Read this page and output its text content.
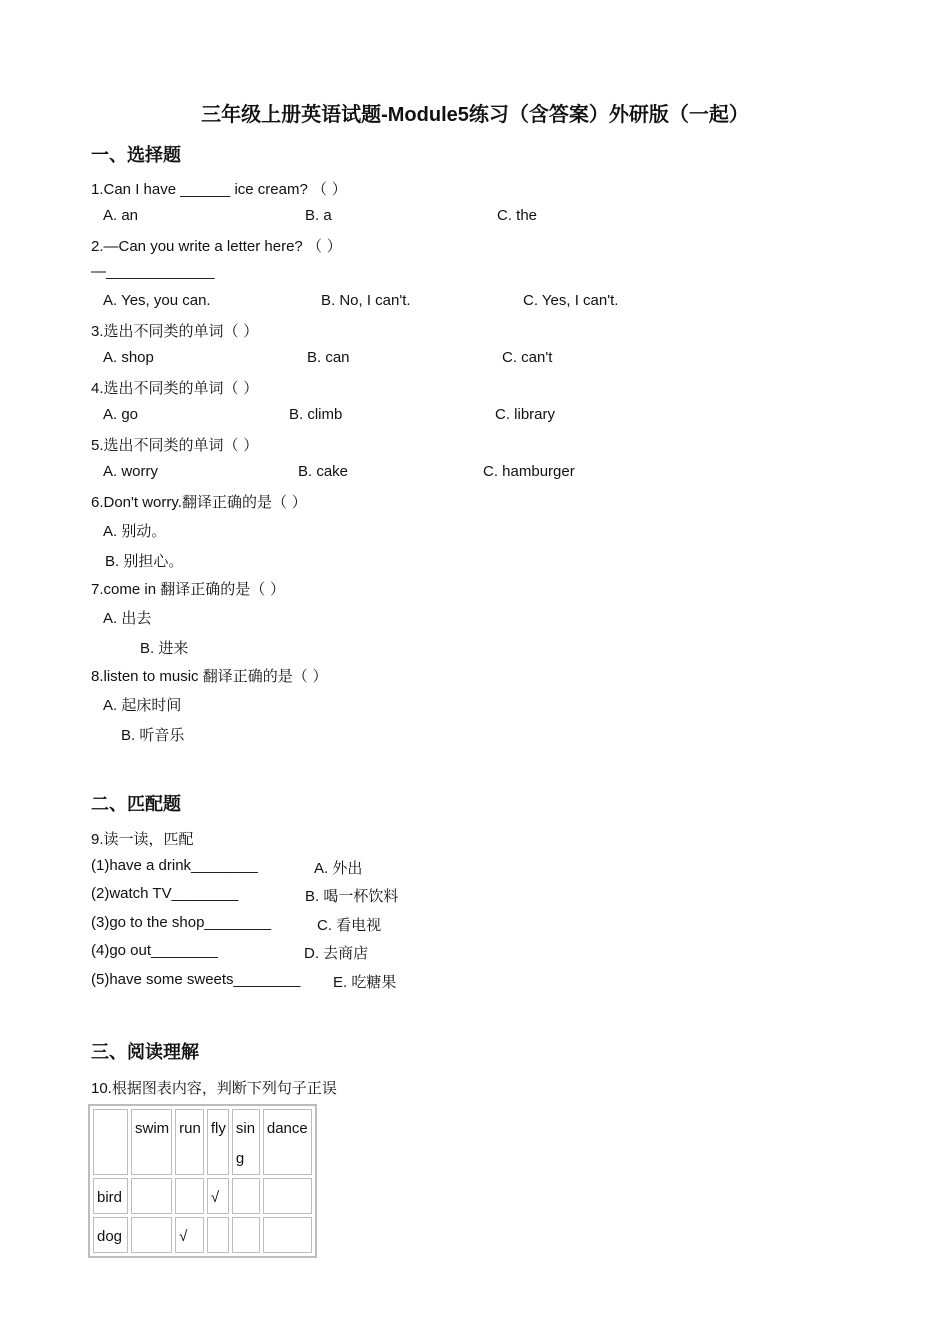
三年级上册英语试题-Module5练习（含答案）外研版（一起）
一、选择题
1.Can I have ______ ice cream? （ ）
A. an	B. a	C. the
2.—Can you write a letter here? （ ）
—_____________
A. Yes, you can.	B. No, I can't.	C. Yes, I can't.
3.选出不同类的单词（ ）
A. shop	B. can	C. can't
4.选出不同类的单词（ ）
A. go	B. climb	C. library
5.选出不同类的单词（ ）
A. worry	B. cake	C. hamburger
6.Don't worry.翻译正确的是（ ）
A. 别动。
B. 别担心。
7.come in 翻译正确的是（ ）
A. 出去
B. 进来
8.listen to music 翻译正确的是（ ）
A. 起床时间
B. 听音乐
二、匹配题
9.读一读，匹配
(1)have a drink________	A. 外出
(2)watch TV________	B. 喝一杯饮料
(3)go to the shop________	C. 看电视
(4)go out________	D. 去商店
(5)have some sweets________ E. 吃糖果
三、阅读理解
10.根据图表内容，判断下列句子正误
	swim	run	fly	sin g	dance
bird			√		
dog		√			
